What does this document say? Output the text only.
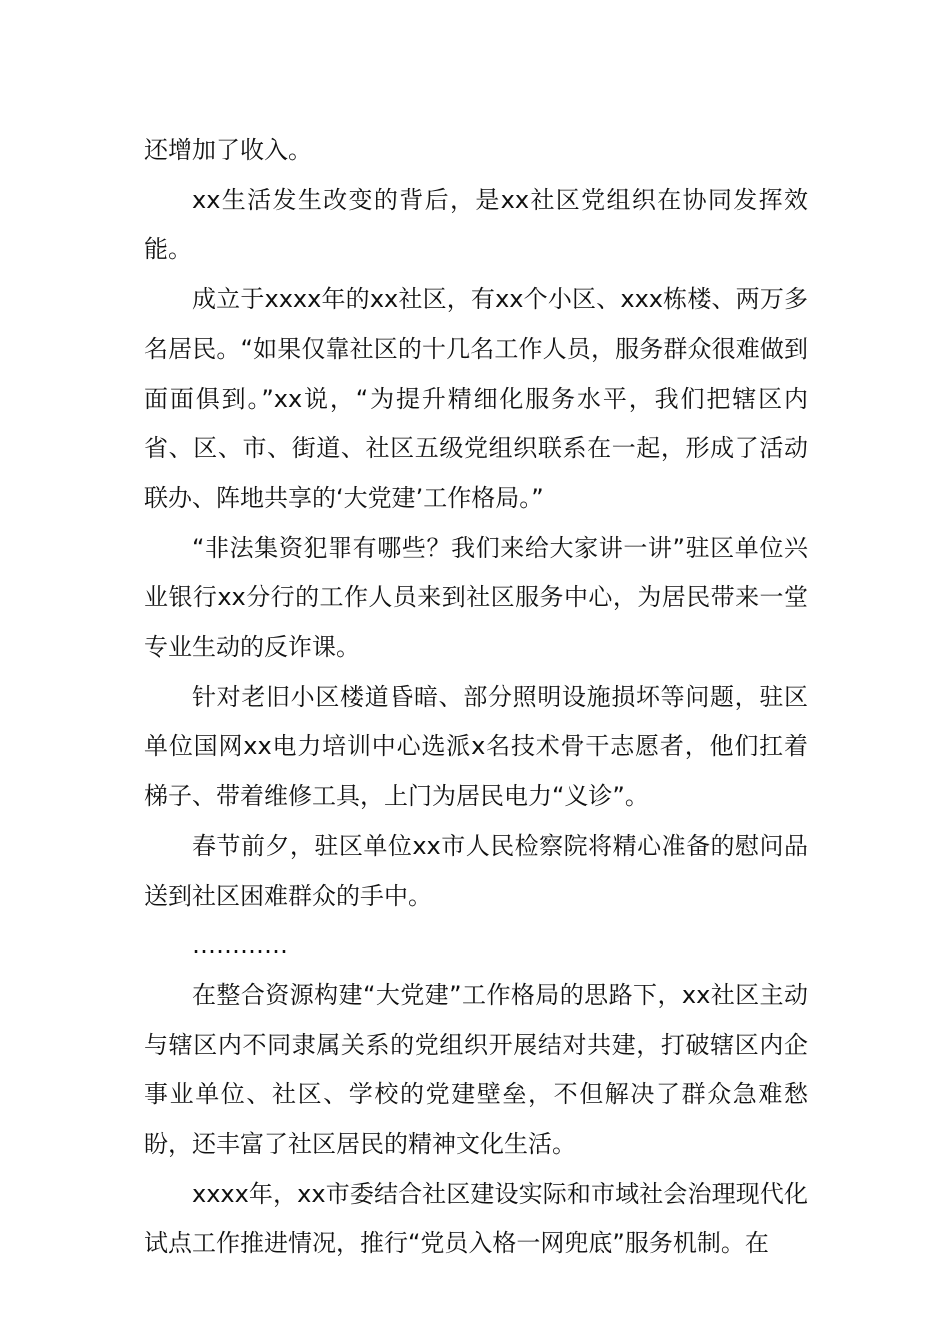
还增加了收入。

xx生活发生改变的背后，是xx社区党组织在协同发挥效能。

成立于xxxx年的xx社区，有xx个小区、xxx栋楼、两万多名居民。“如果仅靠社区的十几名工作人员，服务群众很难做到面面俱到。”xx说，“为提升精细化服务水平，我们把辖区内省、区、市、街道、社区五级党组织联系在一起，形成了活动联办、阵地共享的‘大党建’工作格局。”

“非法集资犯罪有哪些？我们来给大家讲一讲”驻区单位兴业银行xx分行的工作人员来到社区服务中心，为居民带来一堂专业生动的反诈课。

针对老旧小区楼道昏暗、部分照明设施损坏等问题，驻区单位国网xx电力培训中心选派x名技术骨干志愿者，他们扛着梯子、带着维修工具，上门为居民电力“义诊”。

春节前夕，驻区单位xx市人民检察院将精心准备的慰问品送到社区困难群众的手中。

…………

在整合资源构建“大党建”工作格局的思路下，xx社区主动与辖区内不同隶属关系的党组织开展结对共建，打破辖区内企事业单位、社区、学校的党建壁垒，不但解决了群众急难愁盼，还丰富了社区居民的精神文化生活。

xxxx年，xx市委结合社区建设实际和市域社会治理现代化试点工作推进情况，推行“党员入格一网兜底”服务机制。在
